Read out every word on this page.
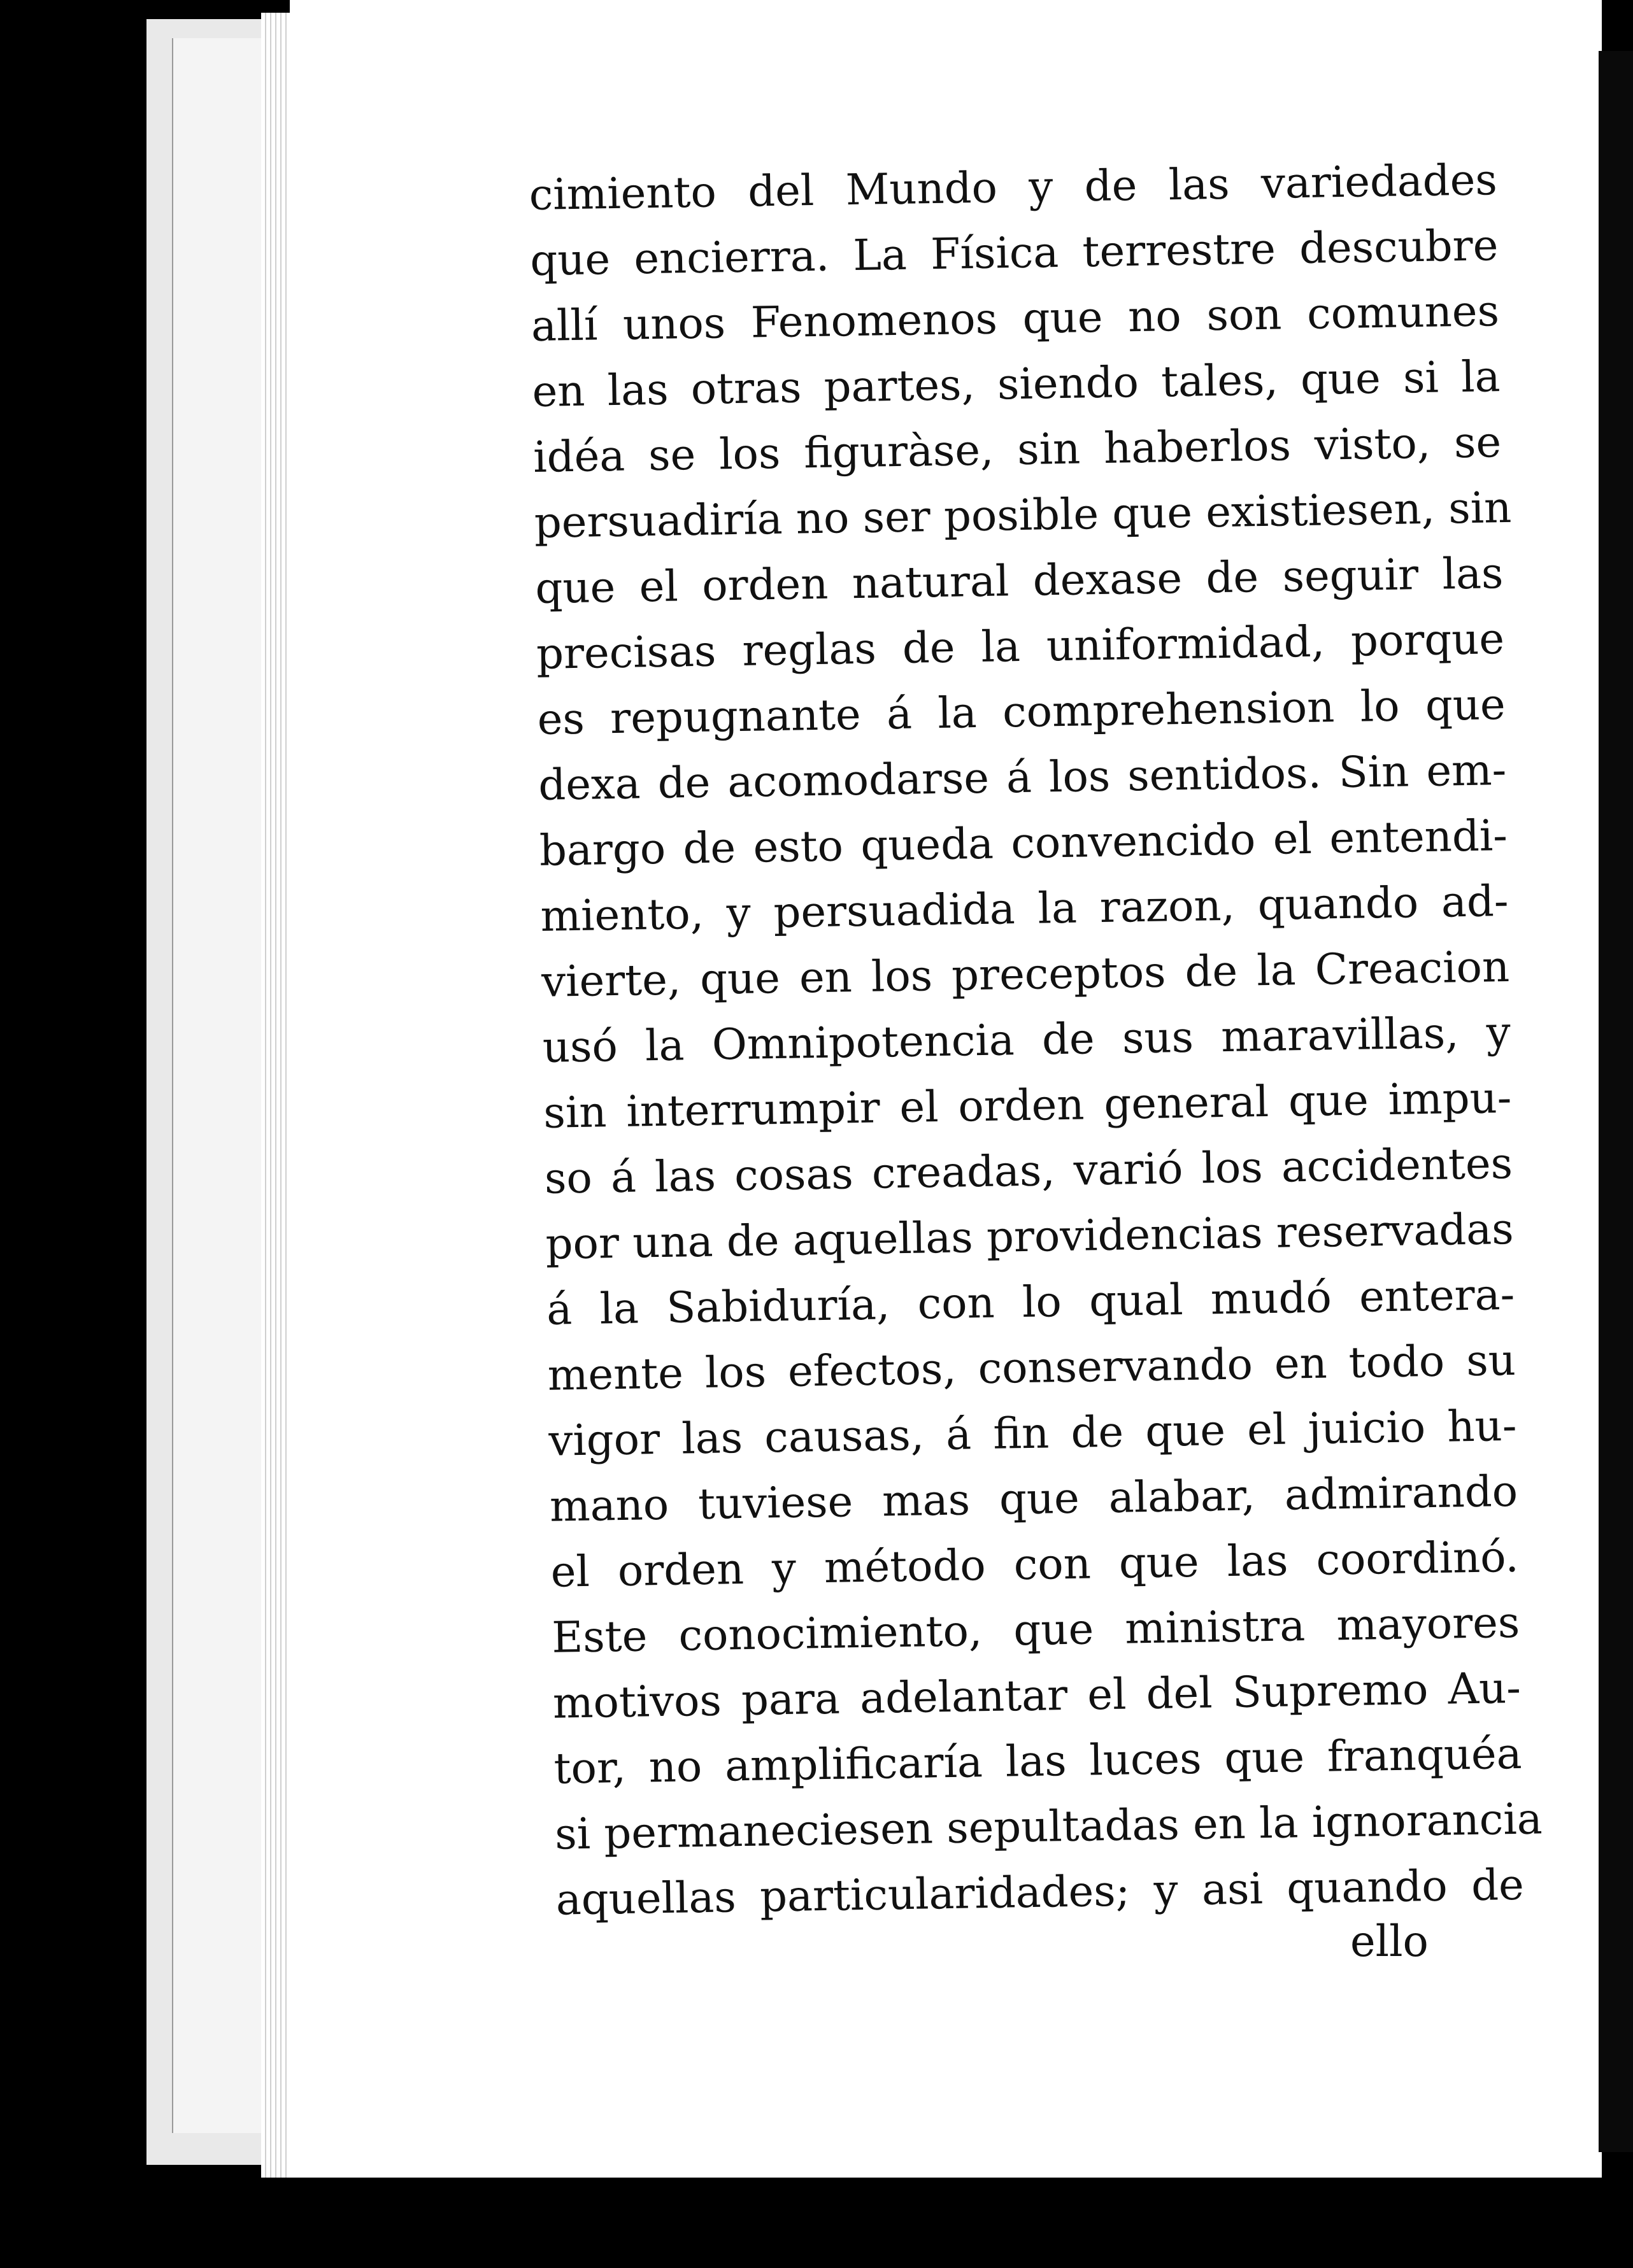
cimiento del Mundo y de las variedades
que encierra. La Física terrestre descubre
allí unos Fenomenos que no son comunes
en las otras partes, siendo tales, que si la
idéa se los figuràse, sin haberlos visto, se
persuadiría no ser posible que existiesen, sin
que el orden natural dexase de seguir las
precisas reglas de la uniformidad, porque
es repugnante á la comprehension lo que
dexa de acomodarse á los sentidos. Sin em-
bargo de esto queda convencido el entendi-
miento, y persuadida la razon, quando ad-
vierte, que en los preceptos de la Creacion
usó la Omnipotencia de sus maravillas, y
sin interrumpir el orden general que impu-
so á las cosas creadas, varió los accidentes
por una de aquellas providencias reservadas
á la Sabiduría, con lo qual mudó entera-
mente los efectos, conservando en todo su
vigor las causas, á fin de que el juicio hu-
mano tuviese mas que alabar, admirando
el orden y método con que las coordinó.
Este conocimiento, que ministra mayores
motivos para adelantar el del Supremo Au-
tor, no amplificaría las luces que franquéa
si permaneciesen sepultadas en la ignorancia
aquellas particularidades; y asi quando de
ello
